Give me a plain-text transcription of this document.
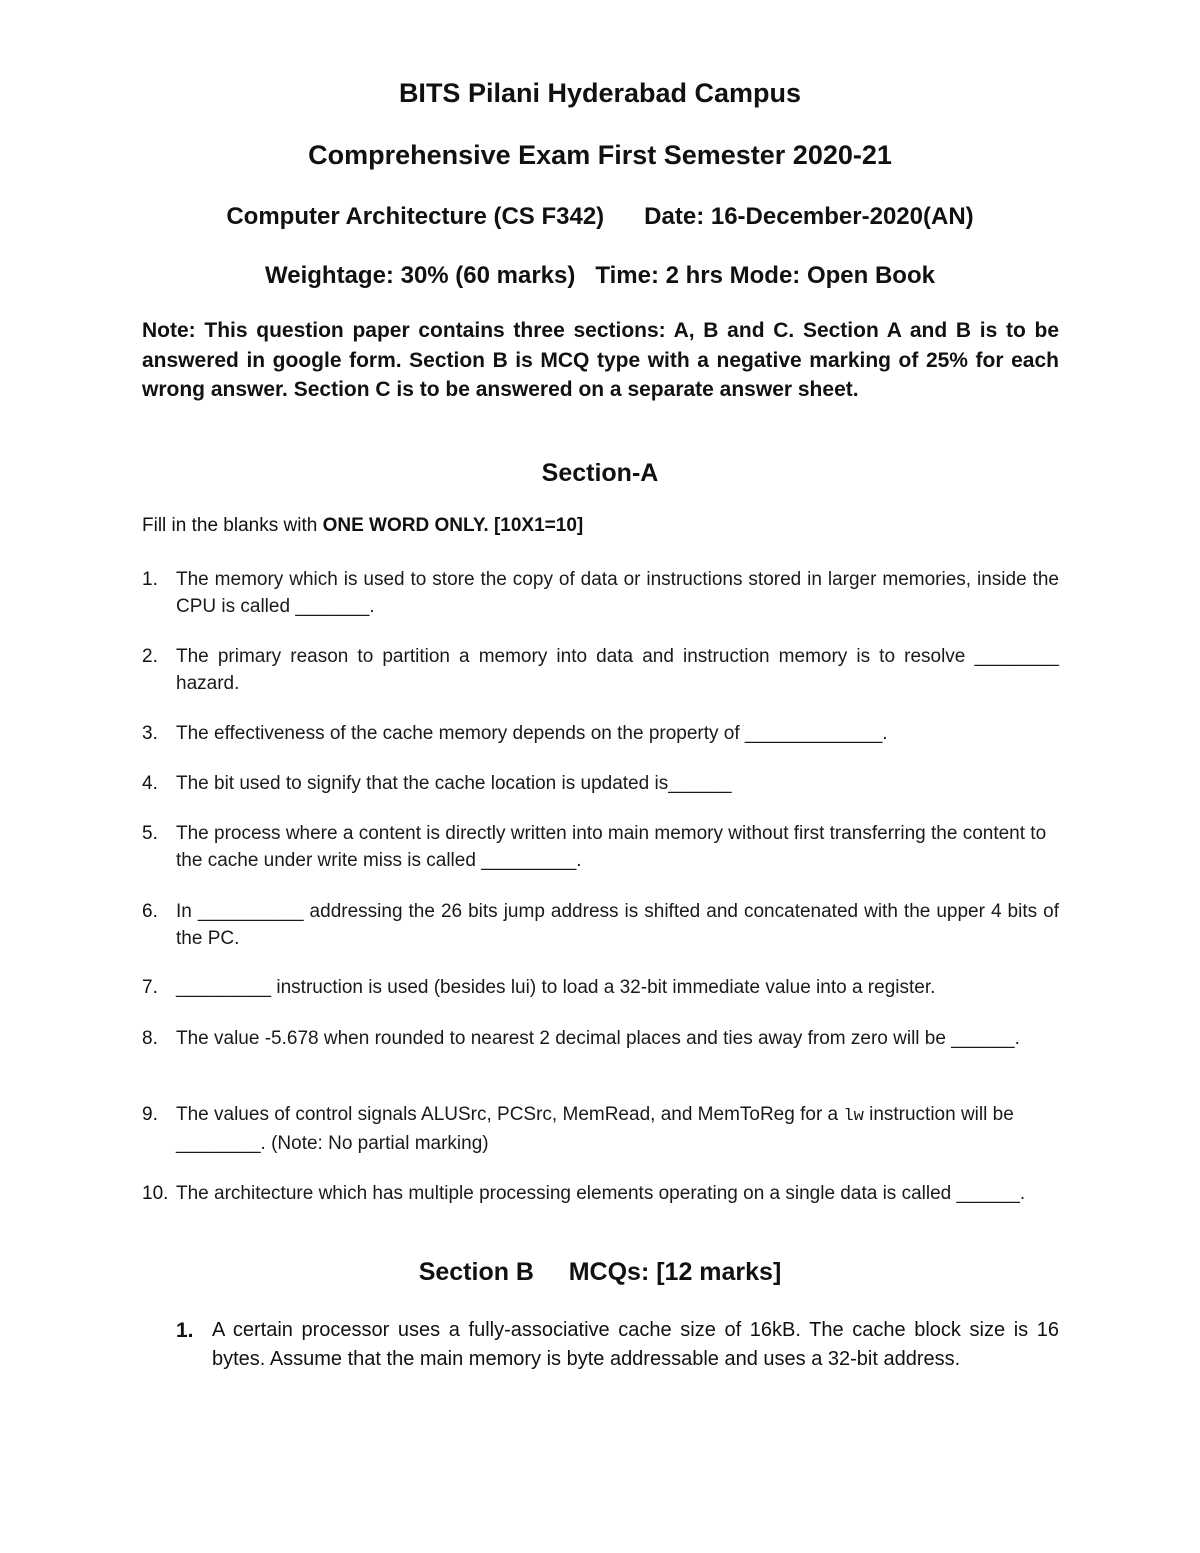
BITS Pilani Hyderabad Campus
Comprehensive Exam First Semester 2020-21
Computer Architecture (CS F342)      Date: 16-December-2020(AN)
Weightage: 30% (60 marks)   Time: 2 hrs Mode: Open Book
Note: This question paper contains three sections: A, B and C. Section A and B is to be answered in google form. Section B is MCQ type with a negative marking of 25% for each wrong answer. Section C is to be answered on a separate answer sheet.
Section-A
Fill in the blanks with ONE WORD ONLY. [10X1=10]
1. The memory which is used to store the copy of data or instructions stored in larger memories, inside the CPU is called _______.
2. The primary reason to partition a memory into data and instruction memory is to resolve ________ hazard.
3. The effectiveness of the cache memory depends on the property of _____________.
4. The bit used to signify that the cache location is updated is______
5. The process where a content is directly written into main memory without first transferring the content to the cache under write miss is called _________.
6. In __________ addressing the 26 bits jump address is shifted and concatenated with the upper 4 bits of the PC.
7. _________ instruction is used (besides lui) to load a 32-bit immediate value into a register.
8. The value -5.678 when rounded to nearest 2 decimal places and ties away from zero will be ______.
9. The values of control signals ALUSrc, PCSrc, MemRead, and MemToReg for a lw instruction will be ________. (Note: No partial marking)
10. The architecture which has multiple processing elements operating on a single data is called ______.
Section B     MCQs: [12 marks]
1. A certain processor uses a fully-associative cache size of 16kB. The cache block size is 16 bytes. Assume that the main memory is byte addressable and uses a 32-bit address.
